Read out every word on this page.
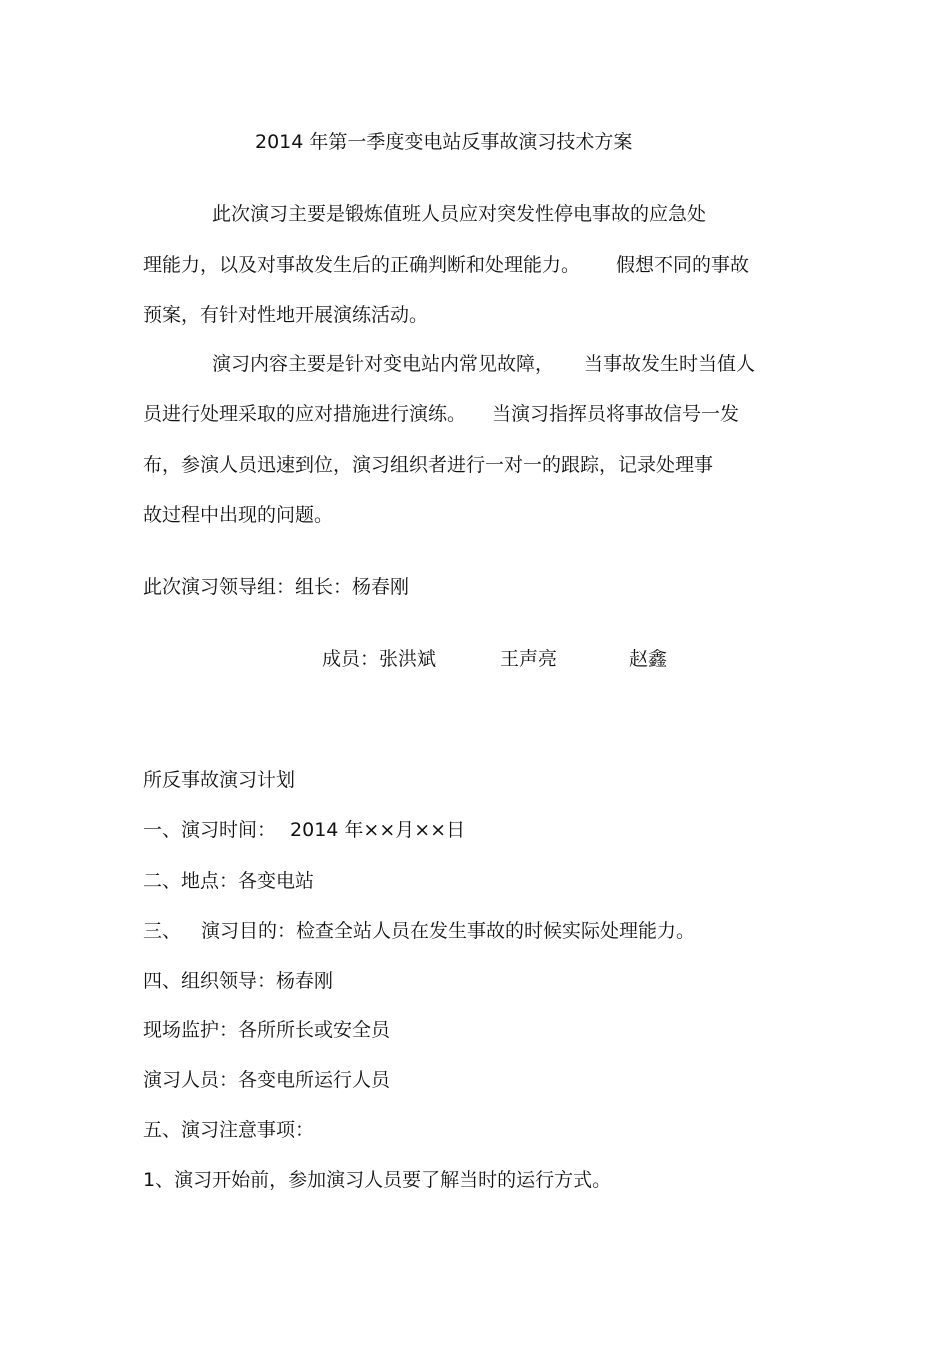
2014 年第一季度变电站反事故演习技术方案

此次演习主要是锻炼值班人员应对突发性停电事故的应急处

理能力，以及对事故发生后的正确判断和处理能力。 假想不同的事故

预案，有针对性地开展演练活动。

演习内容主要是针对变电站内常见故障， 当事故发生时当值人

员进行处理采取的应对措施进行演练。 当演习指挥员将事故信号一发

布，参演人员迅速到位，演习组织者进行一对一的跟踪，记录处理事

故过程中出现的问题。

此次演习领导组：组长：杨春刚

成员：张洪斌	王声亮	赵鑫

所反事故演习计划

一、演习时间： 2014 年××月××日

二、地点：各变电站

三、 演习目的：检查全站人员在发生事故的时候实际处理能力。

四、组织领导：杨春刚

现场监护：各所所长或安全员

演习人员：各变电所运行人员

五、演习注意事项：

1、演习开始前，参加演习人员要了解当时的运行方式。
